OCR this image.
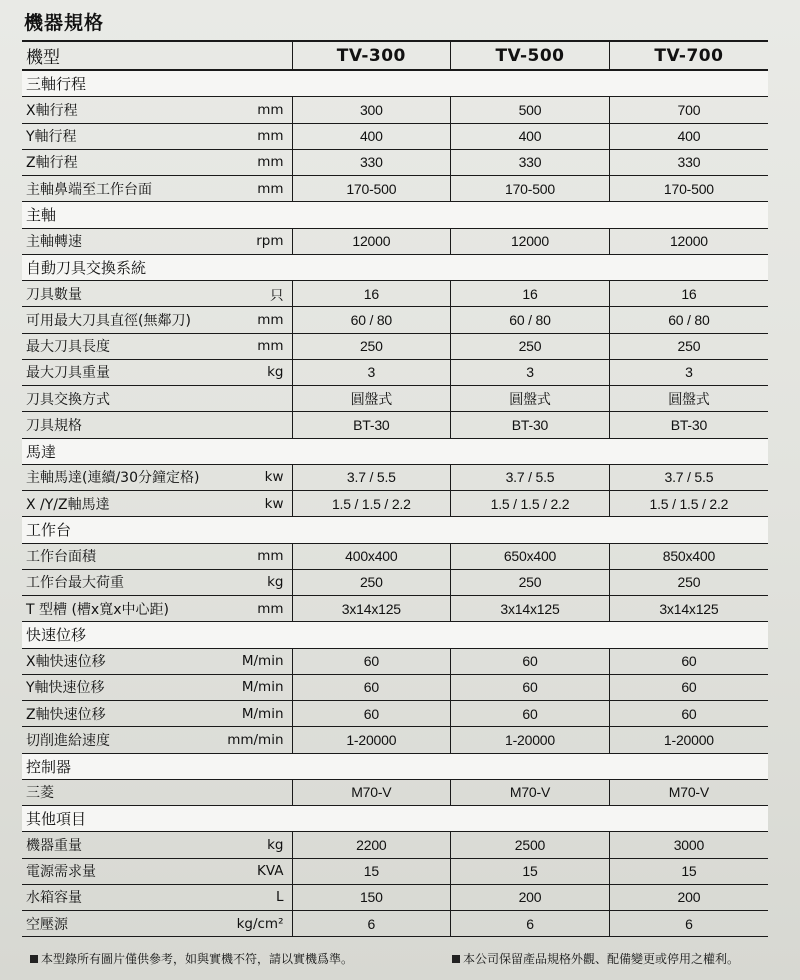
機器規格
機型		TV-300	TV-500	TV-700
三軸行程				
X軸行程	mm	300	500	700
Y軸行程	mm	400	400	400
Z軸行程	mm	330	330	330
主軸鼻端至工作台面	mm	170-500	170-500	170-500
主軸				
主軸轉速	rpm	12000	12000	12000
自動刀具交換系統				
刀具數量	只	16	16	16
可用最大刀具直徑(無鄰刀)	mm	60 / 80	60 / 80	60 / 80
最大刀具長度	mm	250	250	250
最大刀具重量	kg	3	3	3
刀具交換方式		圓盤式	圓盤式	圓盤式
刀具規格		BT-30	BT-30	BT-30
馬達				
主軸馬達(連續/30分鐘定格)	kw	3.7 / 5.5	3.7 / 5.5	3.7 / 5.5
X /Y/Z軸馬達	kw	1.5 / 1.5 / 2.2	1.5 / 1.5 / 2.2	1.5 / 1.5 / 2.2
工作台				
工作台面積	mm	400x400	650x400	850x400
工作台最大荷重	kg	250	250	250
T 型槽 (槽x寬x中心距)	mm	3x14x125	3x14x125	3x14x125
快速位移				
X軸快速位移	M/min	60	60	60
Y軸快速位移	M/min	60	60	60
Z軸快速位移	M/min	60	60	60
切削進給速度	mm/min	1-20000	1-20000	1-20000
控制器				
三菱		M70-V	M70-V	M70-V
其他項目				
機器重量	kg	2200	2500	3000
電源需求量	KVA	15	15	15
水箱容量	L	150	200	200
空壓源	kg/cm²	6	6	6
本型錄所有圖片僅供參考，如與實機不符，請以實機爲準。	本公司保留產品規格外觀、配備變更或停用之權利。
